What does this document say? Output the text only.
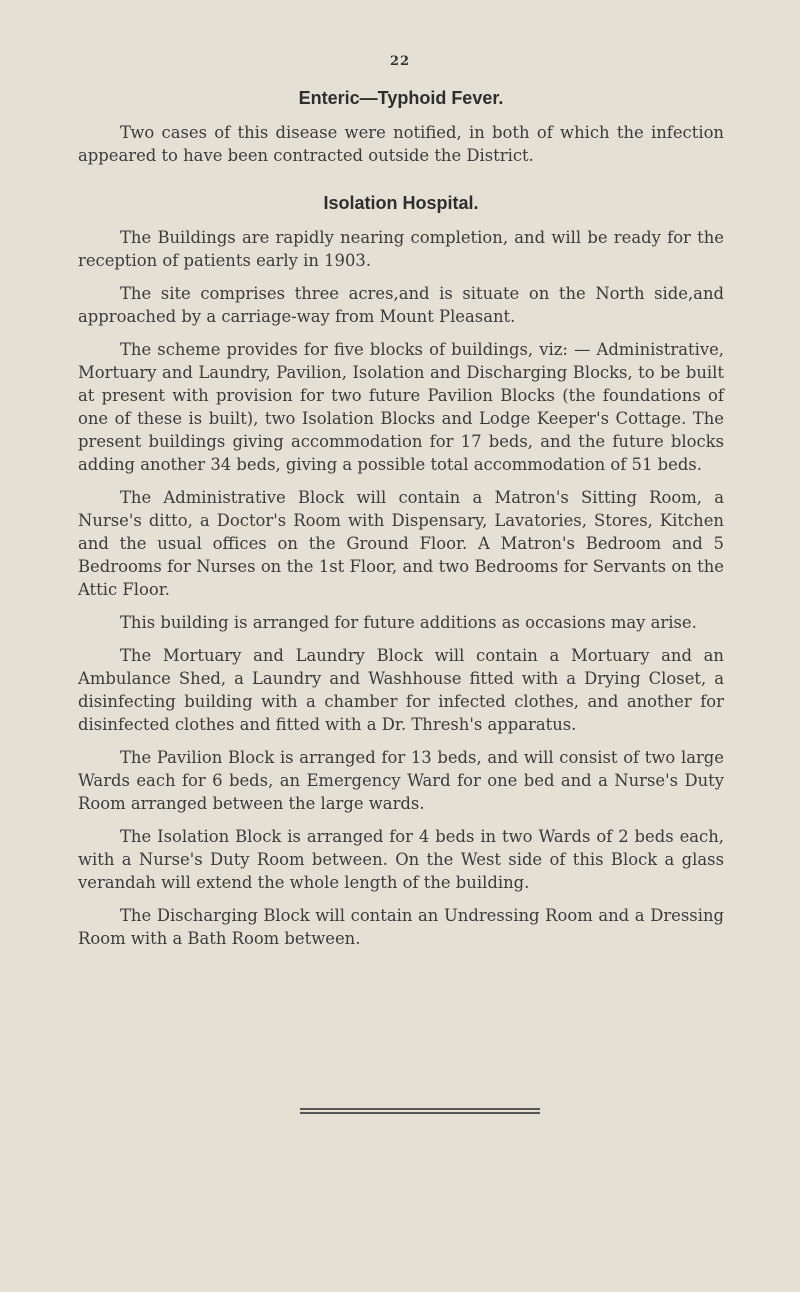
22
Enteric—Typhoid Fever.

Two cases of this disease were notified, in both of which the infection appeared to have been contracted outside the District.

Isolation Hospital.

The Buildings are rapidly nearing completion, and will be ready for the reception of patients early in 1903.

The site comprises three acres,and is situate on the North side,and approached by a carriage-way from Mount Pleasant.

The scheme provides for five blocks of buildings, viz: — Administrative, Mortuary and Laundry, Pavilion, Isolation and Discharging Blocks, to be built at present with provision for two future Pavilion Blocks (the foundations of one of these is built), two Isolation Blocks and Lodge Keeper's Cottage. The present buildings giving accommodation for 17 beds, and the future blocks adding another 34 beds, giving a possible total accommodation of 51 beds.

The Administrative Block will contain a Matron's Sitting Room, a Nurse's ditto, a Doctor's Room with Dispensary, Lavatories, Stores, Kitchen and the usual offices on the Ground Floor. A Matron's Bedroom and 5 Bedrooms for Nurses on the 1st Floor, and two Bedrooms for Servants on the Attic Floor.

This building is arranged for future additions as occasions may arise.

The Mortuary and Laundry Block will contain a Mortuary and an Ambulance Shed, a Laundry and Washhouse fitted with a Drying Closet, a disinfecting building with a chamber for infected clothes, and another for disinfected clothes and fitted with a Dr. Thresh's apparatus.

The Pavilion Block is arranged for 13 beds, and will consist of two large Wards each for 6 beds, an Emergency Ward for one bed and a Nurse's Duty Room arranged between the large wards.

The Isolation Block is arranged for 4 beds in two Wards of 2 beds each, with a Nurse's Duty Room between. On the West side of this Block a glass verandah will extend the whole length of the building.

The Discharging Block will contain an Undressing Room and a Dressing Room with a Bath Room between.
